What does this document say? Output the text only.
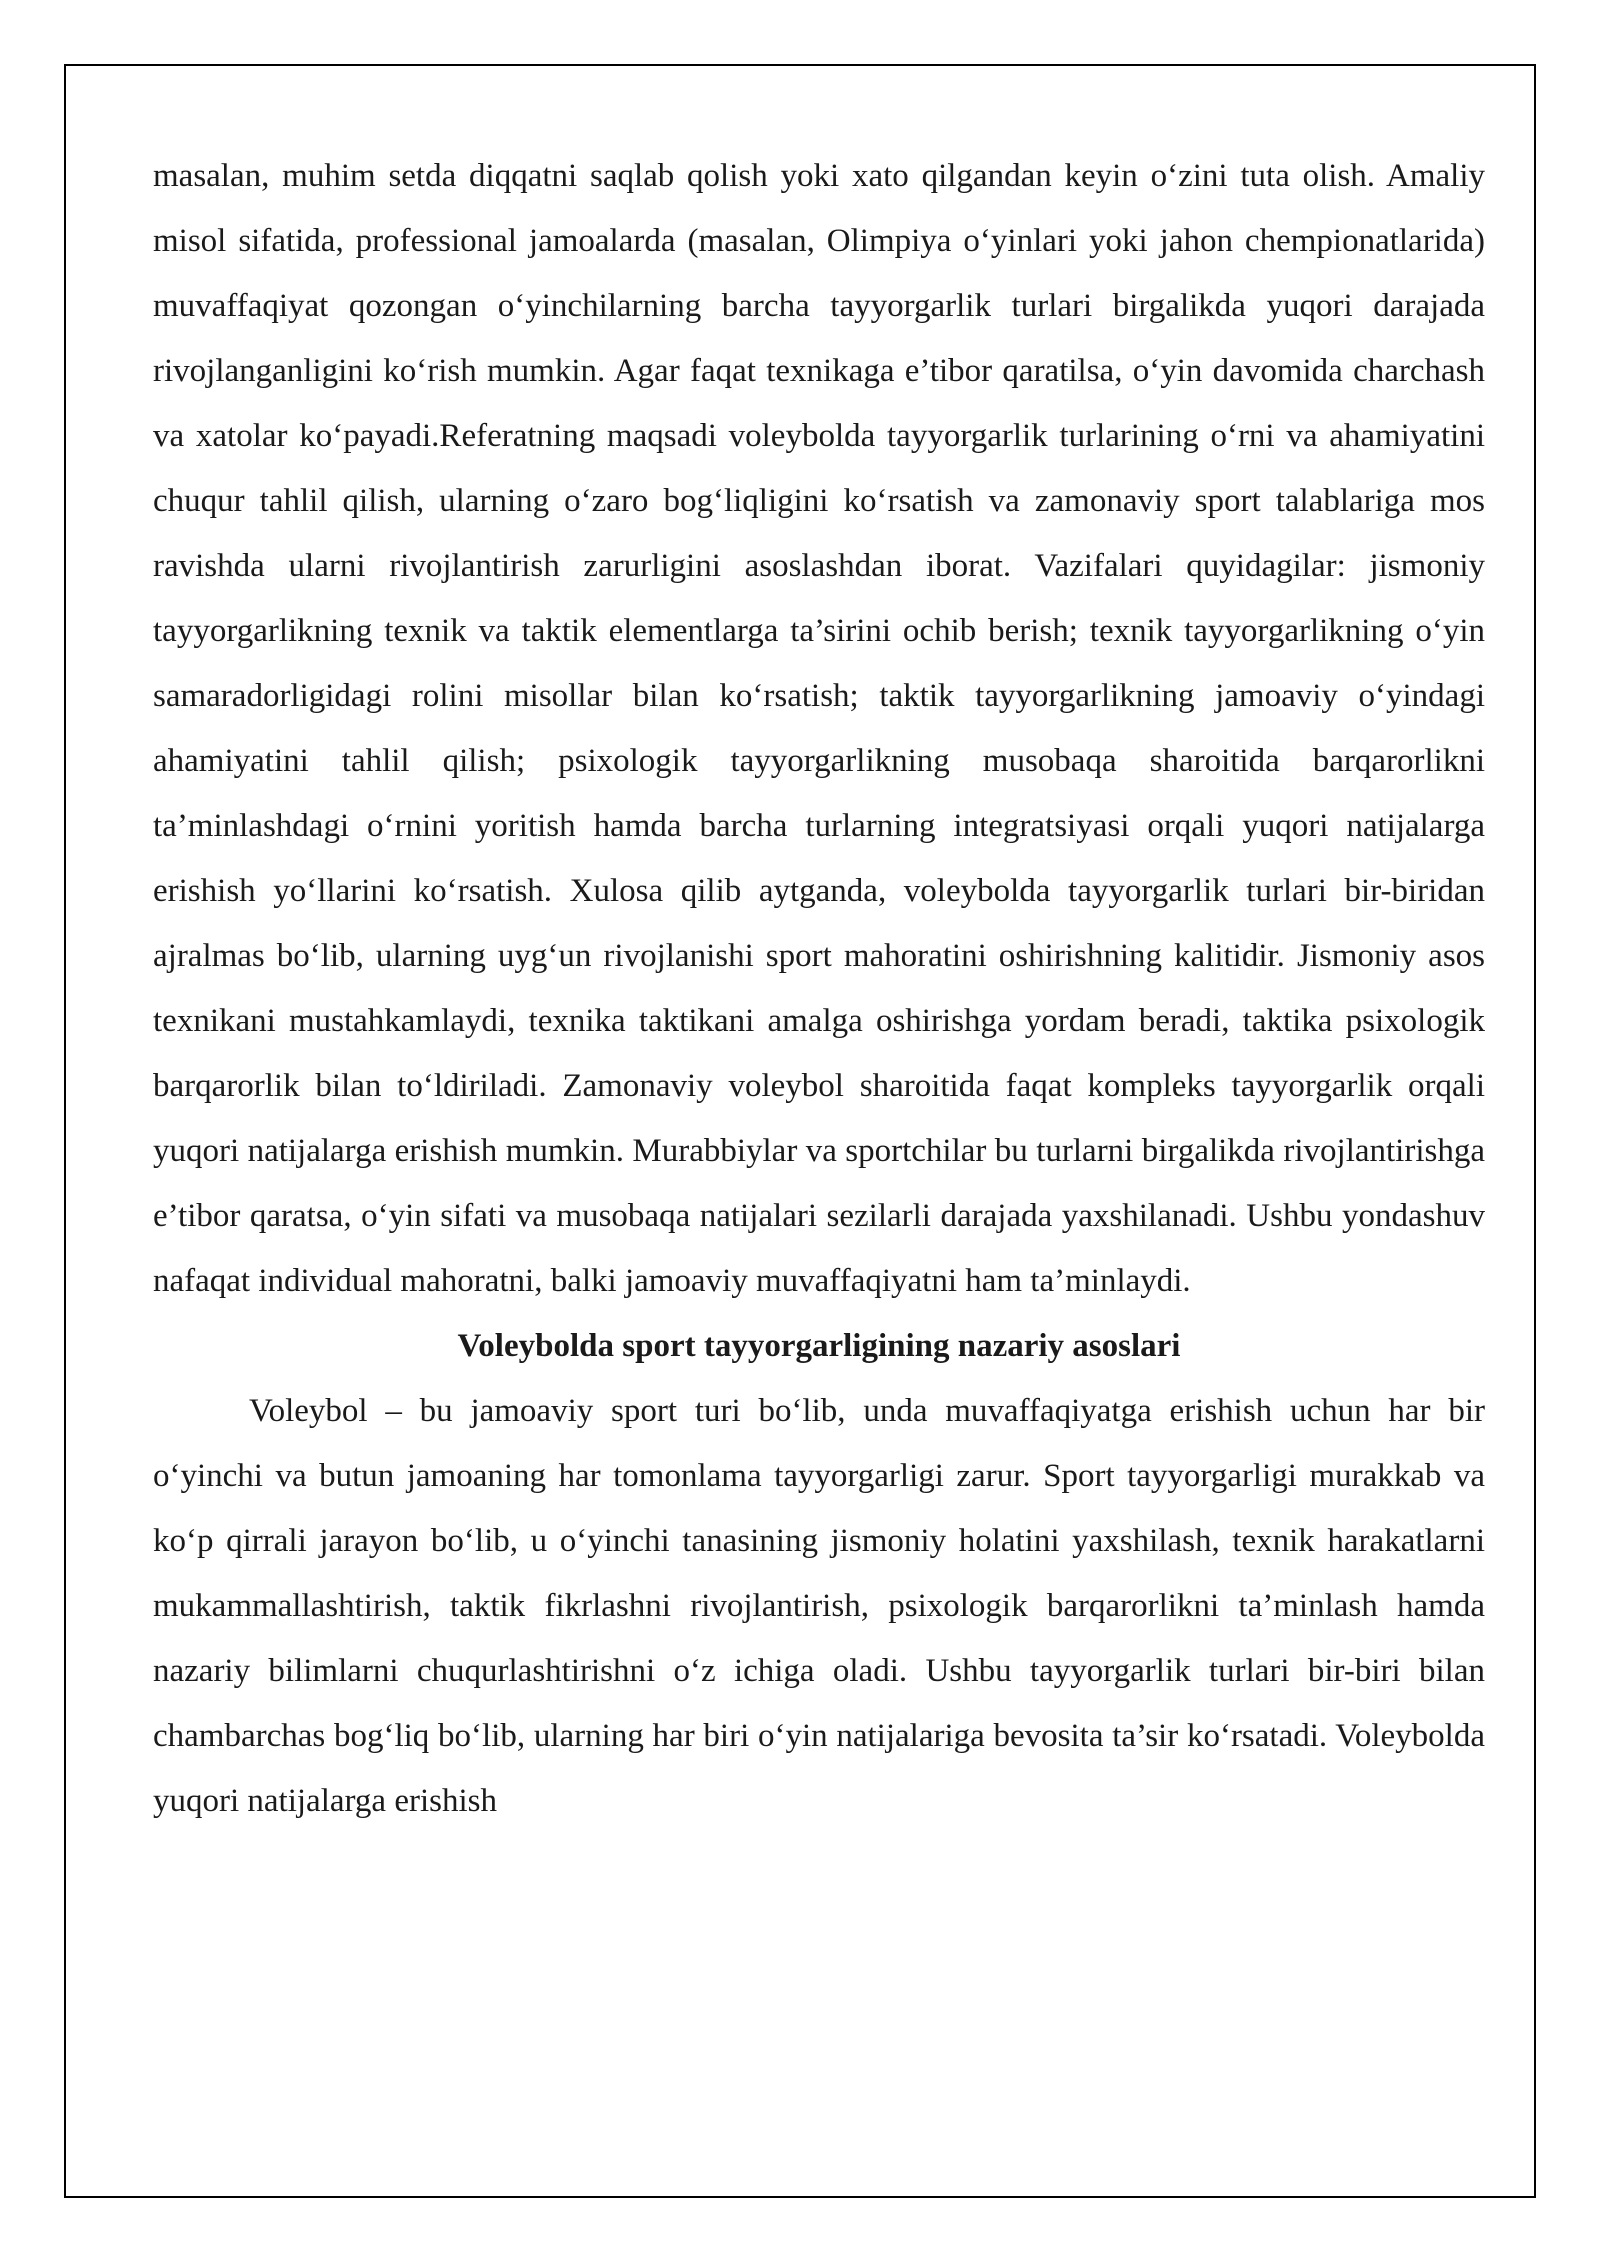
masalan, muhim setda diqqatni saqlab qolish yoki xato qilgandan keyin o‘zini tuta olish. Amaliy misol sifatida, professional jamoalarda (masalan, Olimpiya o‘yinlari yoki jahon chempionatlarida) muvaffaqiyat qozongan o‘yinchilarning barcha tayyorgarlik turlari birgalikda yuqori darajada rivojlanganligini ko‘rish mumkin. Agar faqat texnikaga e’tibor qaratilsa, o‘yin davomida charchash va xatolar ko‘payadi.Referatning maqsadi voleybolda tayyorgarlik turlarining o‘rni va ahamiyatini chuqur tahlil qilish, ularning o‘zaro bog‘liqligini ko‘rsatish va zamonaviy sport talablariga mos ravishda ularni rivojlantirish zarurligini asoslashdan iborat. Vazifalari quyidagilar: jismoniy tayyorgarlikning texnik va taktik elementlarga ta’sirini ochib berish; texnik tayyorgarlikning o‘yin samaradorligidagi rolini misollar bilan ko‘rsatish; taktik tayyorgarlikning jamoaviy o‘yindagi ahamiyatini tahlil qilish; psixologik tayyorgarlikning musobaqa sharoitida barqarorlikni ta’minlashdagi o‘rnini yoritish hamda barcha turlarning integratsiyasi orqali yuqori natijalarga erishish yo‘llarini ko‘rsatish. Xulosa qilib aytganda, voleybolda tayyorgarlik turlari bir-biridan ajralmas bo‘lib, ularning uyg‘un rivojlanishi sport mahoratini oshirishning kalitidir. Jismoniy asos texnikani mustahkamlaydi, texnika taktikani amalga oshirishga yordam beradi, taktika psixologik barqarorlik bilan to‘ldiriladi. Zamonaviy voleybol sharoitida faqat kompleks tayyorgarlik orqali yuqori natijalarga erishish mumkin. Murabbiylar va sportchilar bu turlarni birgalikda rivojlantirishga e’tibor qaratsa, o‘yin sifati va musobaqa natijalari sezilarli darajada yaxshilanadi. Ushbu yondashuv nafaqat individual mahoratni, balki jamoaviy muvaffaqiyatni ham ta’minlaydi.

Voleybolda sport tayyorgarligining nazariy asoslari

Voleybol – bu jamoaviy sport turi bo‘lib, unda muvaffaqiyatga erishish uchun har bir o‘yinchi va butun jamoaning har tomonlama tayyorgarligi zarur. Sport tayyorgarligi murakkab va ko‘p qirrali jarayon bo‘lib, u o‘yinchi tanasining jismoniy holatini yaxshilash, texnik harakatlarni mukammallashtirish, taktik fikrlashni rivojlantirish, psixologik barqarorlikni ta’minlash hamda nazariy bilimlarni chuqurlashtirishni o‘z ichiga oladi. Ushbu tayyorgarlik turlari bir-biri bilan chambarchas bog‘liq bo‘lib, ularning har biri o‘yin natijalariga bevosita ta’sir ko‘rsatadi. Voleybolda yuqori natijalarga erishish
